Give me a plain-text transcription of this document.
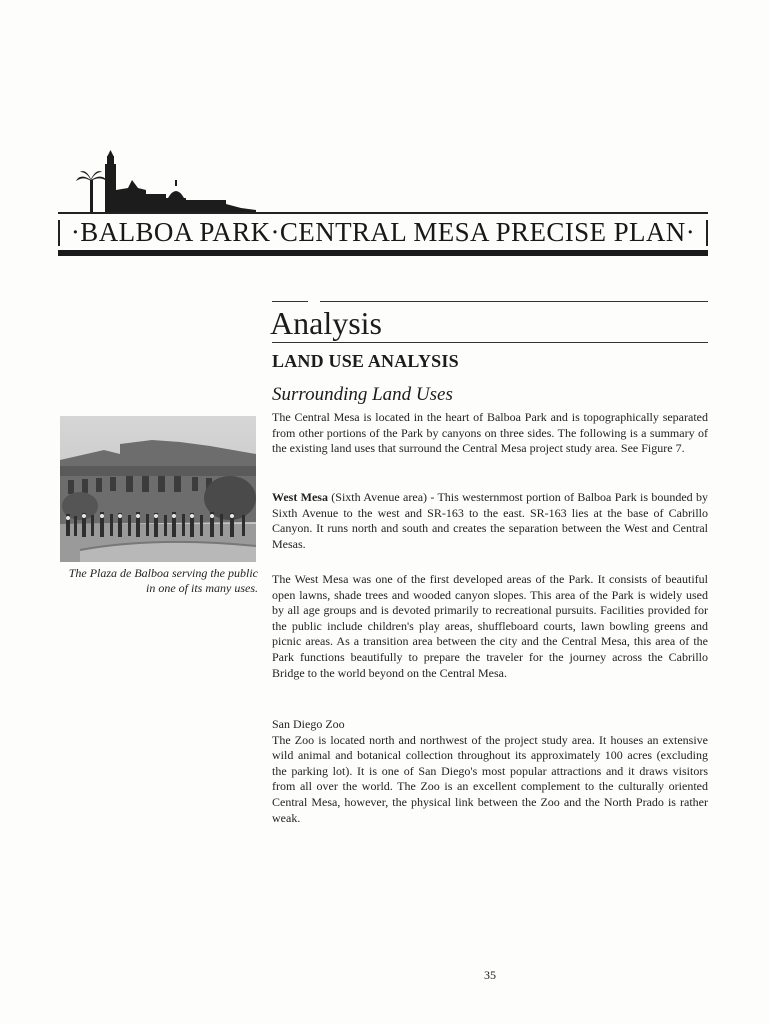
·BALBOA PARK·CENTRAL MESA PRECISE PLAN·
Analysis
LAND USE ANALYSIS
Surrounding Land Uses

The Central Mesa is located in the heart of Balboa Park and is topographically separated from other portions of the Park by canyons on three sides. The following is a summary of the existing land uses that surround the Central Mesa project study area. See Figure 7.

West Mesa (Sixth Avenue area) - This westernmost portion of Balboa Park is bounded by Sixth Avenue to the west and SR-163 to the east. SR-163 lies at the base of Cabrillo Canyon. It runs north and south and creates the separation between the West and Central Mesas.

The West Mesa was one of the first developed areas of the Park. It consists of beautiful open lawns, shade trees and wooded canyon slopes. This area of the Park is widely used by all age groups and is devoted primarily to recreational pursuits. Facilities provided for the public include children's play areas, shuffleboard courts, lawn bowling greens and picnic areas. As a transition area between the city and the Central Mesa, this area of the Park functions beautifully to prepare the traveler for the journey across the Cabrillo Bridge to the world beyond on the Central Mesa.

San Diego Zoo

The Zoo is located north and northwest of the project study area. It houses an extensive wild animal and botanical collection throughout its approximately 100 acres (excluding the parking lot). It is one of San Diego's most popular attractions and it draws visitors from all over the world. The Zoo is an excellent complement to the culturally oriented Central Mesa, however, the physical link between the Zoo and the North Prado is rather weak.

The Plaza de Balboa serving the public in one of its many uses.
35
